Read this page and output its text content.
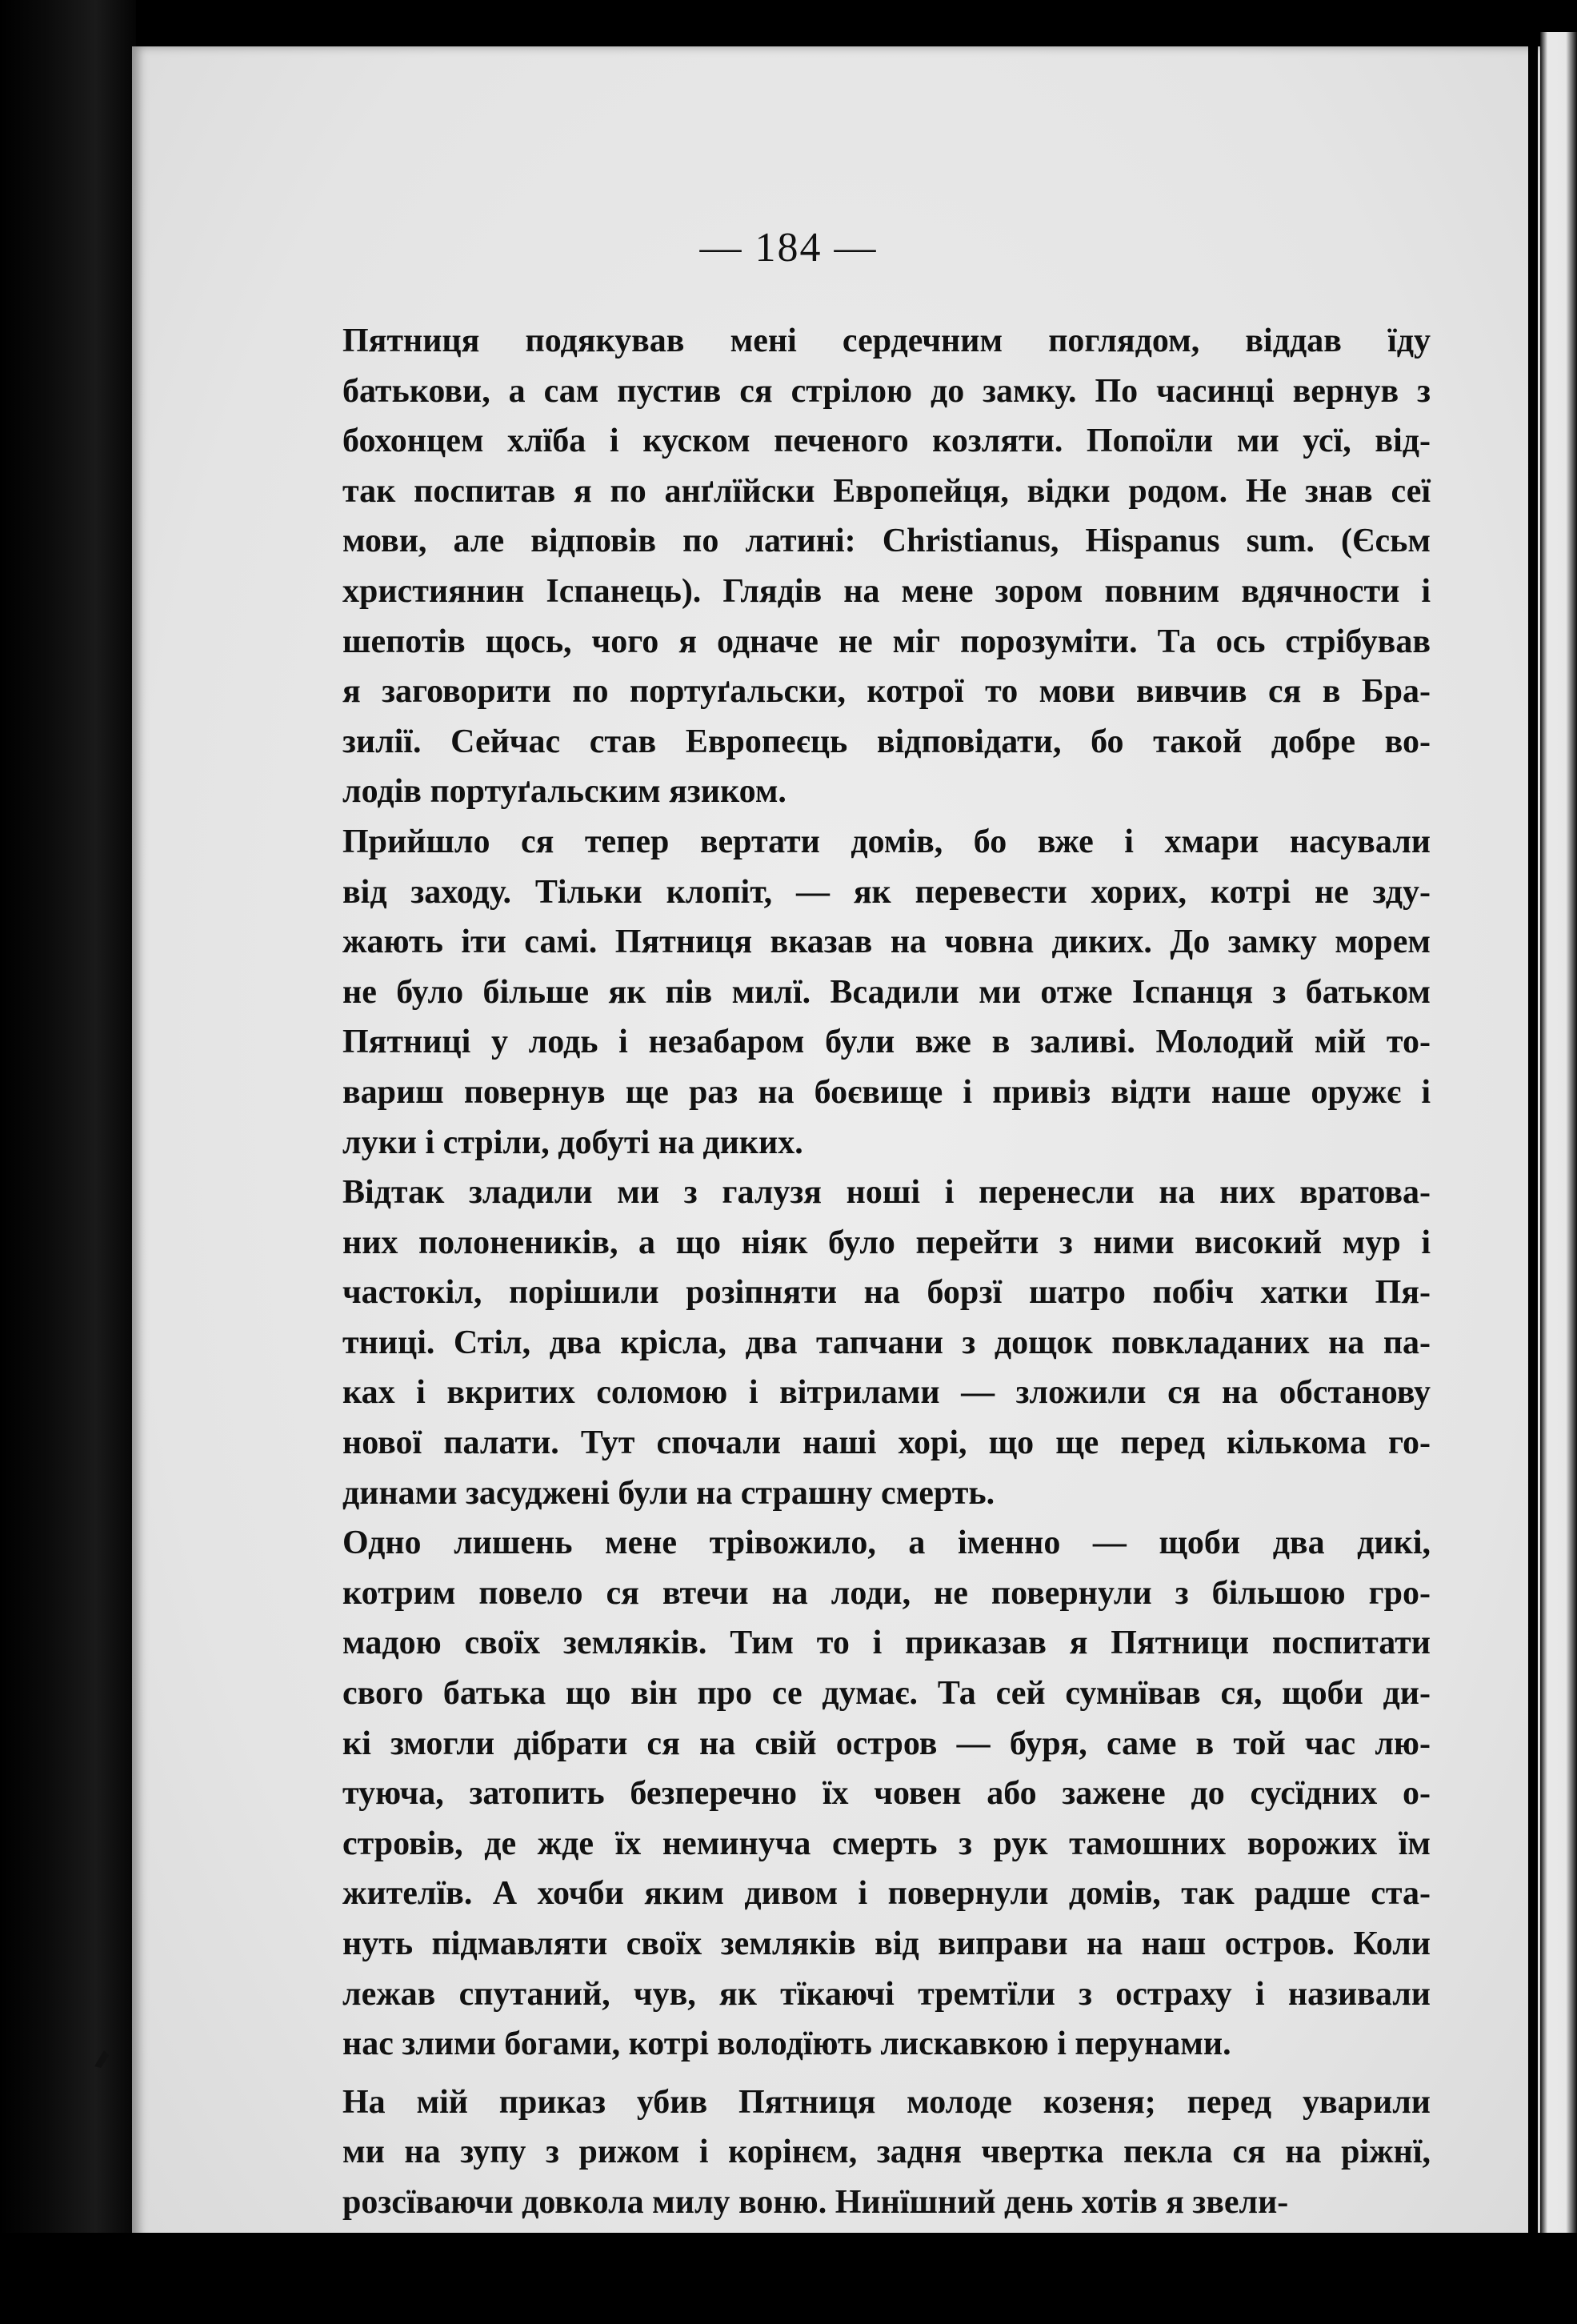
— 184 —
Пятниця подякував мені сердечним поглядом, віддав їду
батькови, а сам пустив ся стрілою до замку. По часинці вернув з
бохонцем хлїба і куском печеного козляти. Попоїли ми усї, від-
так поспитав я по анґлїйски Европейця, відки родом. Не знав сеї
мови, але відповів по латині: Christianus, Hispanus sum. (Єсьм
християнин Іспанець). Глядів на мене зором повним вдячности і
шепотів щось, чого я одначе не міг порозуміти. Та ось стрібував
я заговорити по портуґальски, котрої то мови вивчив ся в Бра-
зилії. Сейчас став Европеєць відповідати, бо такой добре во-
лодів портуґальским язиком.
Прийшло ся тепер вертати домів, бо вже і хмари насували
від заходу. Тільки клопіт, — як перевести хорих, котрі не зду-
жають іти самі. Пятниця вказав на човна диких. До замку морем
не було більше як пів милї. Всадили ми отже Іспанця з батьком
Пятниці у лодь і незабаром були вже в заливі. Молодий мій то-
вариш повернув ще раз на боєвище і привіз відти наше оружє і
луки і стріли, добуті на диких.
Відтак зладили ми з галузя ноші і перенесли на них вратова-
них полонеників, а що ніяк було перейти з ними високий мур і
частокіл, порішили розіпняти на борзї шатро побіч хатки Пя-
тниці. Стіл, два крісла, два тапчани з дощок повкладаних на па-
ках і вкритих соломою і вітрилами — зложили ся на обстанову
нової палати. Тут спочали наші хорі, що ще перед кількома го-
динами засуджені були на страшну смерть.
Одно лишень мене трівожило, а іменно — щоби два дикі,
котрим повело ся втечи на лоди, не повернули з більшою гро-
мадою своїх земляків. Тим то і приказав я Пятници поспитати
свого батька що він про се думає. Та сей сумнївав ся, щоби ди-
кі змогли дібрати ся на свій остров — буря, саме в той час лю-
туюча, затопить безперечно їх човен або зажене до сусїдних о-
стровів, де жде їх неминуча смерть з рук тамошних ворожих їм
жителїв. А хочби яким дивом і повернули домів, так радше ста-
нуть підмавляти своїх земляків від виправи на наш остров. Коли
лежав спутаний, чув, як тїкаючі тремтїли з остраху і називали
нас злими богами, котрі володїють лискавкою і перунами.
На мій приказ убив Пятниця молоде козеня; перед уварили
ми на зупу з рижом і корінєм, задня чвертка пекла ся на ріжнї,
розсїваючи довкола милу воню. Нинїшний день хотів я звели-
